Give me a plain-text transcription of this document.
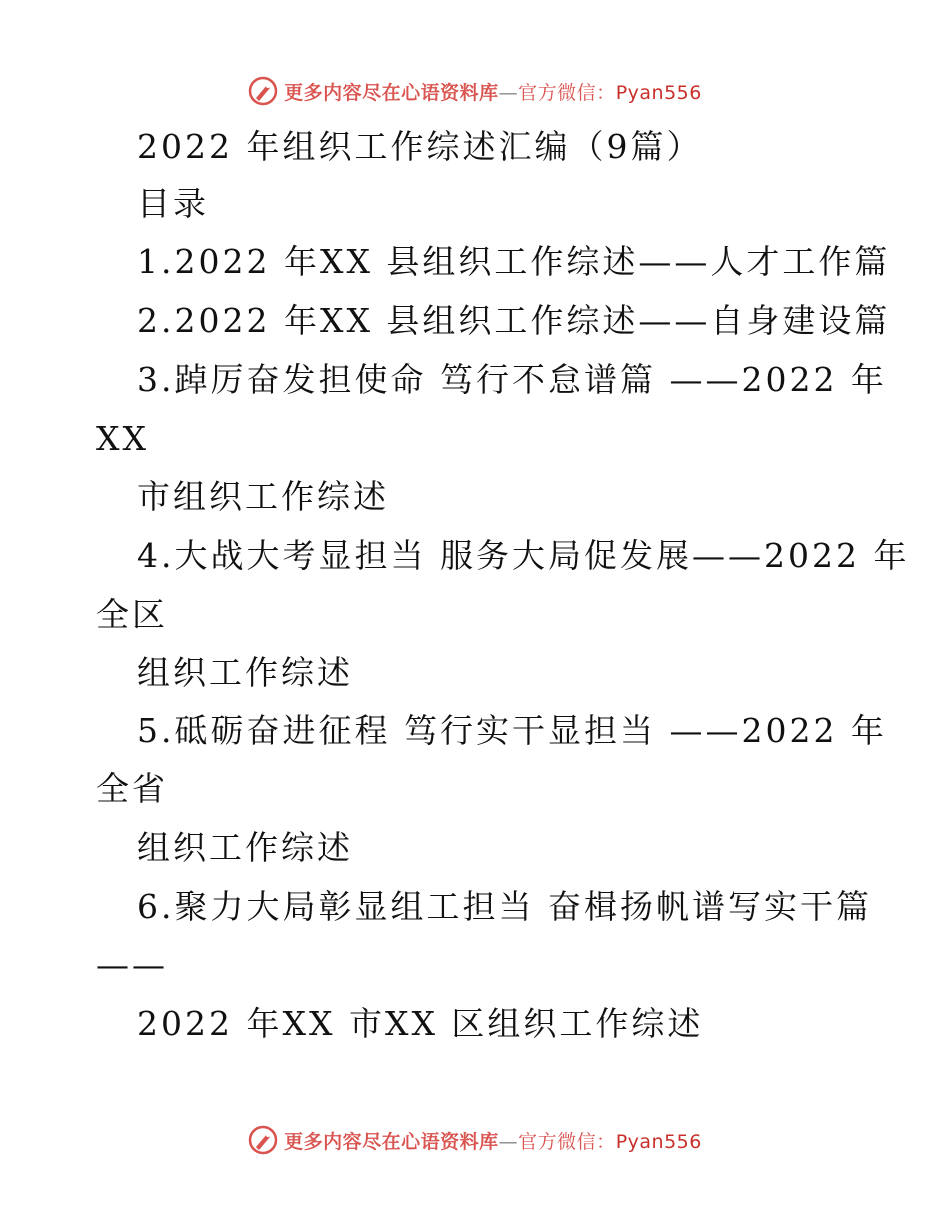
更多内容尽在心语资料库—官方微信：Pyan556
2022 年组织工作综述汇编（9篇）
目录
1.2022 年XX 县组织工作综述——人才工作篇
2.2022 年XX 县组织工作综述——自身建设篇
3.踔厉奋发担使命 笃行不怠谱篇 ——2022 年
XX
市组织工作综述
4.大战大考显担当 服务大局促发展——2022 年
全区
组织工作综述
5.砥砺奋进征程 笃行实干显担当 ——2022 年
全省
组织工作综述
6.聚力大局彰显组工担当 奋楫扬帆谱写实干篇
——
2022 年XX 市XX 区组织工作综述
更多内容尽在心语资料库—官方微信：Pyan556
